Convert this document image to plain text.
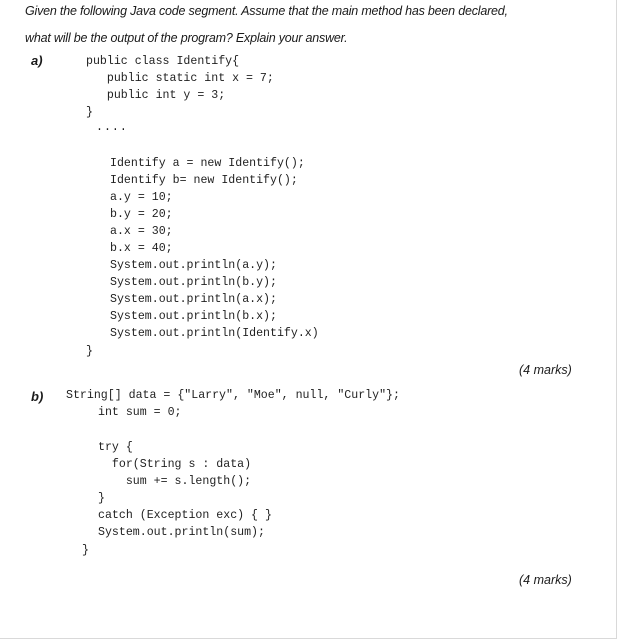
Given the following Java code segment. Assume that the main method has been declared,
what will be the output of the program? Explain your answer.
a)	public class Identify{
public static int x = 7;
public int y = 3;
}
....
Identify a = new Identify();
Identify b= new Identify();
a.y = 10;
b.y = 20;
a.x = 30;
b.x = 40;
System.out.println(a.y);
System.out.println(b.y);
System.out.println(a.x);
System.out.println(b.x);
System.out.println(Identify.x)
}
(4 marks)
b) String[] data = {"Larry", "Moe", null, "Curly"};
int sum = 0;
try {
for(String s : data)
sum += s.length();
}
catch (Exception exc) { }
System.out.println(sum);
}
(4 marks)
